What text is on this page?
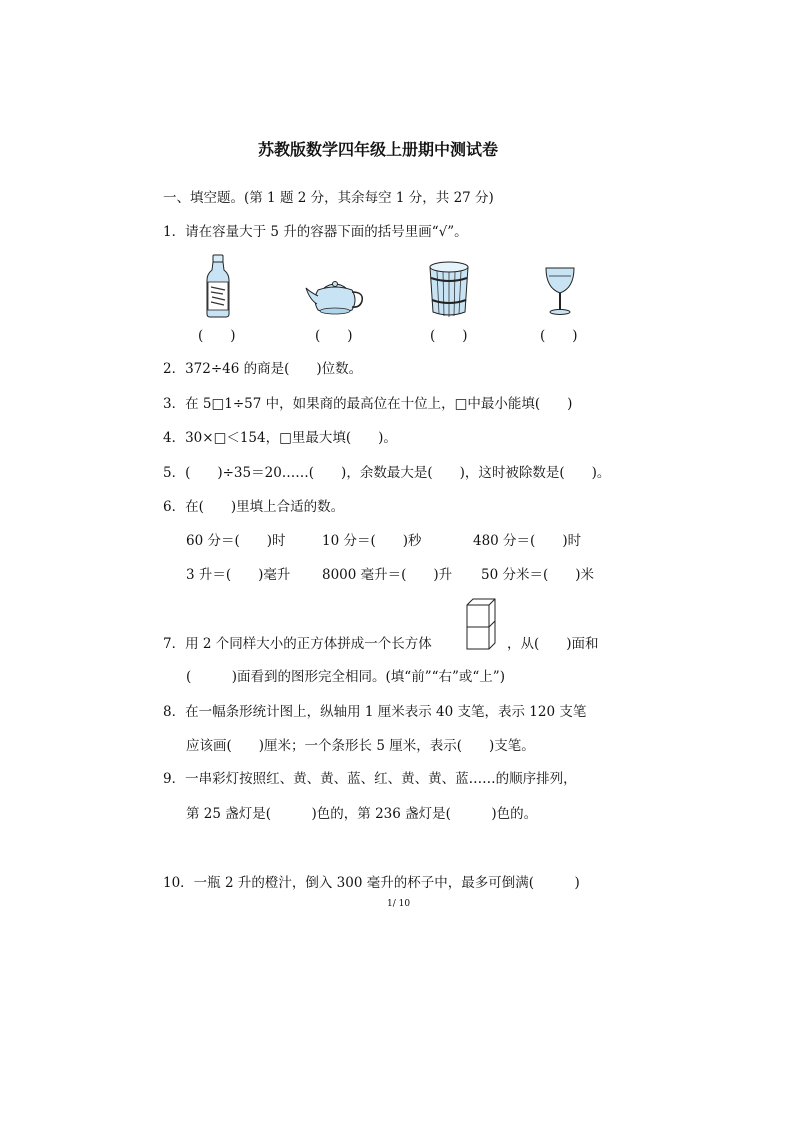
苏教版数学四年级上册期中测试卷
一、填空题。(第 1 题 2 分，其余每空 1 分，共 27 分)
1．请在容量大于 5 升的容器下面的括号里画“√”。
(　　)	(　　)	(　　)	(　　)
2．372÷46 的商是(　　)位数。
3．在 5□1÷57 中，如果商的最高位在十位上，□中最小能填(　　)
4．30×□＜154，□里最大填(　　)。
5．(　　)÷35＝20……(　　)，余数最大是(　　)，这时被除数是(　　)。
6．在(　　)里填上合适的数。
60 分＝(　　)时	10 分＝(　　)秒	480 分＝(　　)时
3 升＝(　　)毫升 8000 毫升＝(　　)升 50 分米＝(　　)米
7．用 2 个同样大小的正方体拼成一个长方体	，从(　　)面和
(　　　)面看到的图形完全相同。(填“前”“右”或“上”)
8．在一幅条形统计图上，纵轴用 1 厘米表示 40 支笔，表示 120 支笔
应该画(　　)厘米；一个条形长 5 厘米，表示(　　)支笔。
9．一串彩灯按照红、黄、黄、蓝、红、黄、黄、蓝……的顺序排列，
第 25 盏灯是(　　　)色的，第 236 盏灯是(　　　)色的。
10．一瓶 2 升的橙汁，倒入 300 毫升的杯子中，最多可倒满(　　　)
1/ 10
